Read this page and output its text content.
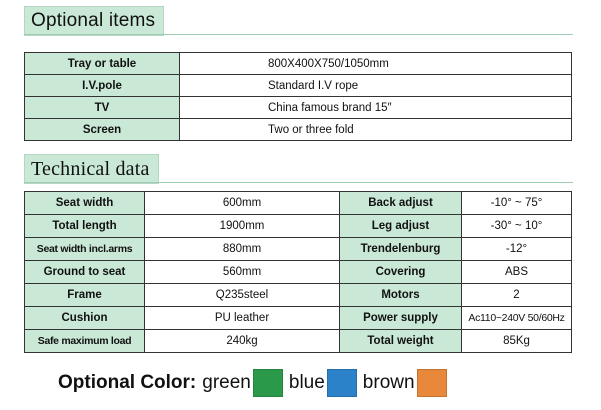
Optional items
Tray or table	800X400X750/1050mm
I.V.pole	Standard I.V rope
TV	China famous brand 15″
Screen	Two or three fold
Technical data
Seat width	600mm	Back adjust	-10° ~ 75°
Total length	1900mm	Leg adjust	-30° ~ 10°
Seat width incl.arms	880mm	Trendelenburg	-12°
Ground to seat	560mm	Covering	ABS
Frame	Q235steel	Motors	2
Cushion	PU leather	Power supply	Ac110~240V 50/60Hz
Safe maximum load	240kg	Total weight	85Kg
Optional Color: green blue brown
